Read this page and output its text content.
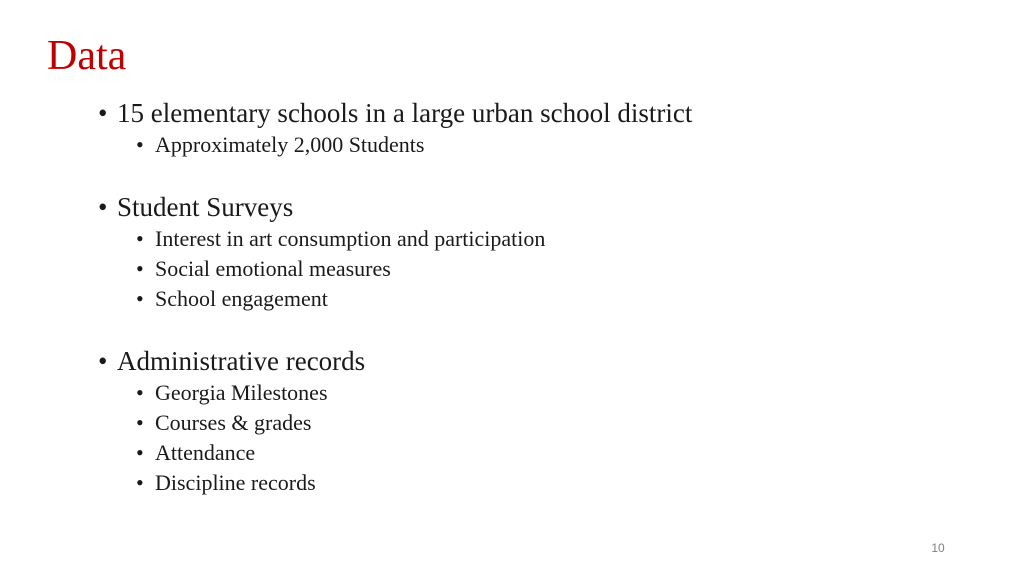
Data
• 15 elementary schools in a large urban school district
• Approximately 2,000 Students
• Student Surveys
• Interest in art consumption and participation
• Social emotional measures
• School engagement
• Administrative records
• Georgia Milestones
• Courses & grades
• Attendance
• Discipline records
10
